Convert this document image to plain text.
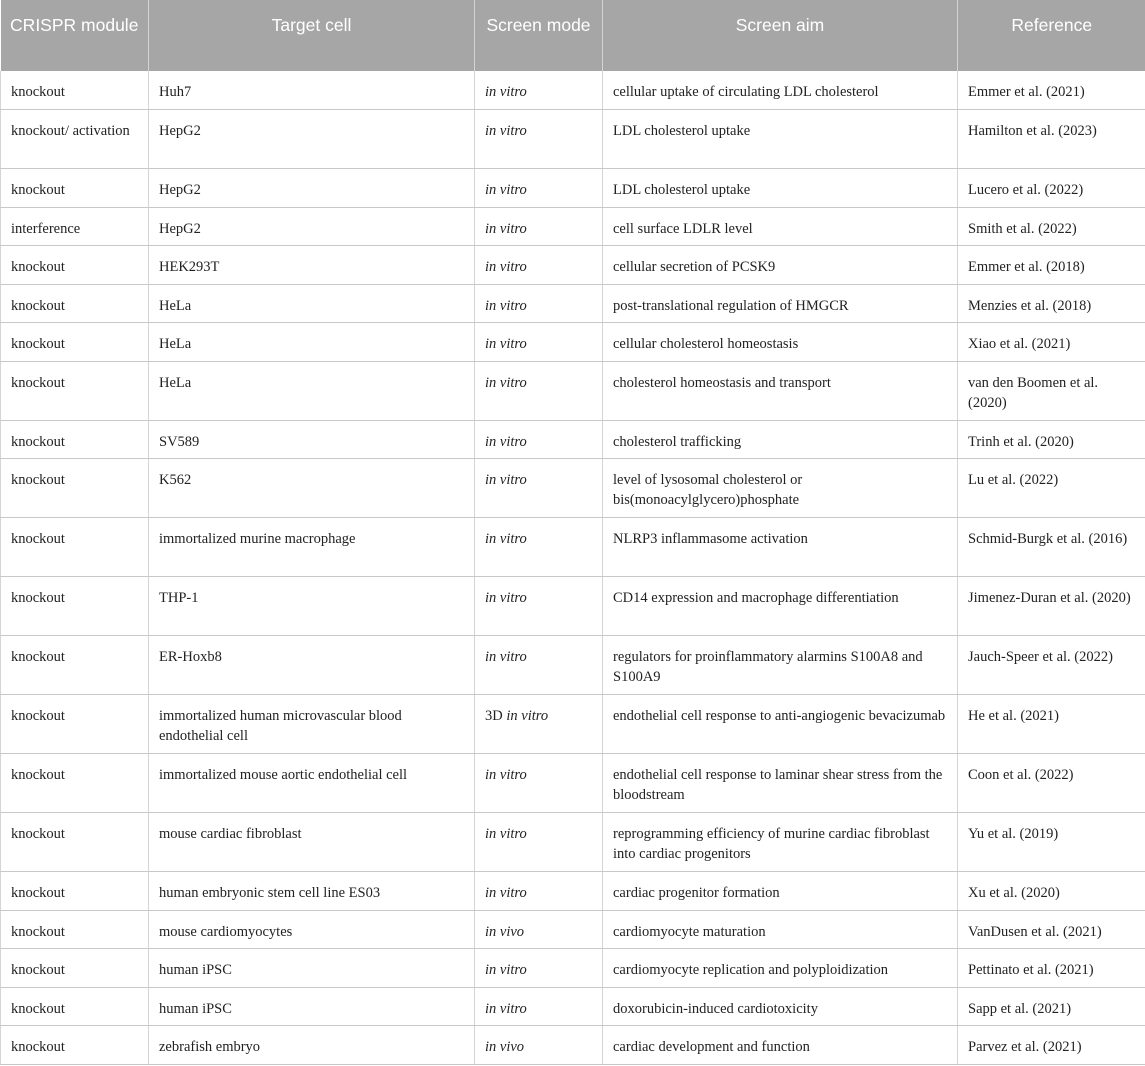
CRISPR module	Target cell	Screen mode	Screen aim	Reference
knockout	Huh7	in vitro	cellular uptake of circulating LDL cholesterol	Emmer et al. (2021)
knockout/ activation	HepG2	in vitro	LDL cholesterol uptake	Hamilton et al. (2023)
knockout	HepG2	in vitro	LDL cholesterol uptake	Lucero et al. (2022)
interference	HepG2	in vitro	cell surface LDLR level	Smith et al. (2022)
knockout	HEK293T	in vitro	cellular secretion of PCSK9	Emmer et al. (2018)
knockout	HeLa	in vitro	post-translational regulation of HMGCR	Menzies et al. (2018)
knockout	HeLa	in vitro	cellular cholesterol homeostasis	Xiao et al. (2021)
knockout	HeLa	in vitro	cholesterol homeostasis and transport	van den Boomen et al. (2020)
knockout	SV589	in vitro	cholesterol trafficking	Trinh et al. (2020)
knockout	K562	in vitro	level of lysosomal cholesterol or bis(monoacylglycero)phosphate	Lu et al. (2022)
knockout	immortalized murine macrophage	in vitro	NLRP3 inflammasome activation	Schmid-Burgk et al. (2016)
knockout	THP-1	in vitro	CD14 expression and macrophage differentiation	Jimenez-Duran et al. (2020)
knockout	ER-Hoxb8	in vitro	regulators for proinflammatory alarmins S100A8 and S100A9	Jauch-Speer et al. (2022)
knockout	immortalized human microvascular blood endothelial cell	3D in vitro	endothelial cell response to anti-angiogenic bevacizumab	He et al. (2021)
knockout	immortalized mouse aortic endothelial cell	in vitro	endothelial cell response to laminar shear stress from the bloodstream	Coon et al. (2022)
knockout	mouse cardiac fibroblast	in vitro	reprogramming efficiency of murine cardiac fibroblast into cardiac progenitors	Yu et al. (2019)
knockout	human embryonic stem cell line ES03	in vitro	cardiac progenitor formation	Xu et al. (2020)
knockout	mouse cardiomyocytes	in vivo	cardiomyocyte maturation	VanDusen et al. (2021)
knockout	human iPSC	in vitro	cardiomyocyte replication and polyploidization	Pettinato et al. (2021)
knockout	human iPSC	in vitro	doxorubicin-induced cardiotoxicity	Sapp et al. (2021)
knockout	zebrafish embryo	in vivo	cardiac development and function	Parvez et al. (2021)
